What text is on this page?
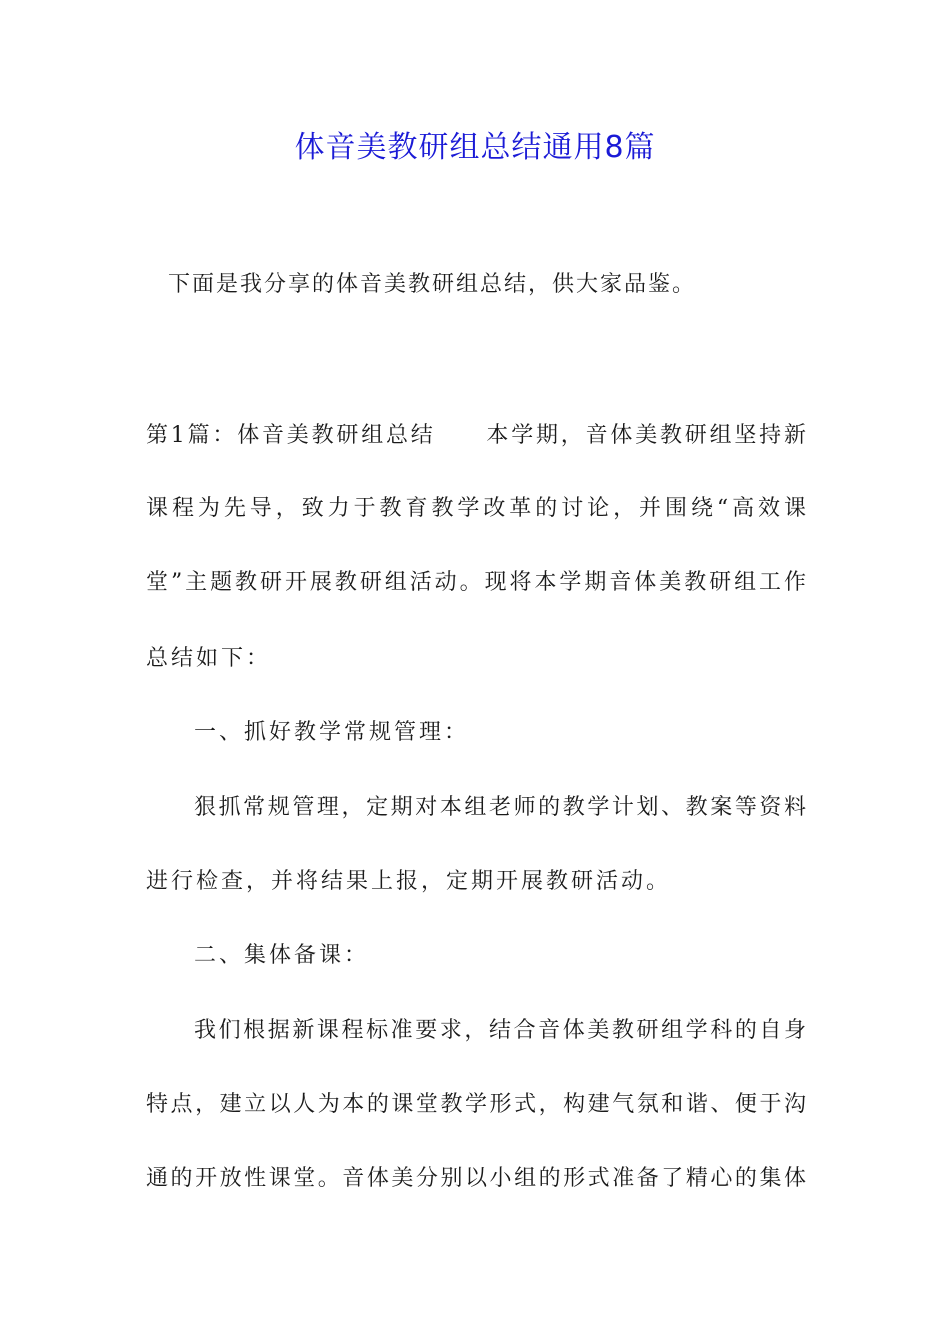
体音美教研组总结通用8篇
下面是我分享的体音美教研组总结，供大家品鉴。
第1篇：体音美教研组总结 本学期，音体美教研组坚持新
课程为先导，致力于教育教学改革的讨论，并围绕“高效课
堂”主题教研开展教研组活动。现将本学期音体美教研组工作
总结如下：
一、抓好教学常规管理：
狠抓常规管理，定期对本组老师的教学计划、教案等资料
进行检查，并将结果上报，定期开展教研活动。
二、集体备课：
我们根据新课程标准要求，结合音体美教研组学科的自身
特点，建立以人为本的课堂教学形式，构建气氛和谐、便于沟
通的开放性课堂。音体美分别以小组的形式准备了精心的集体
